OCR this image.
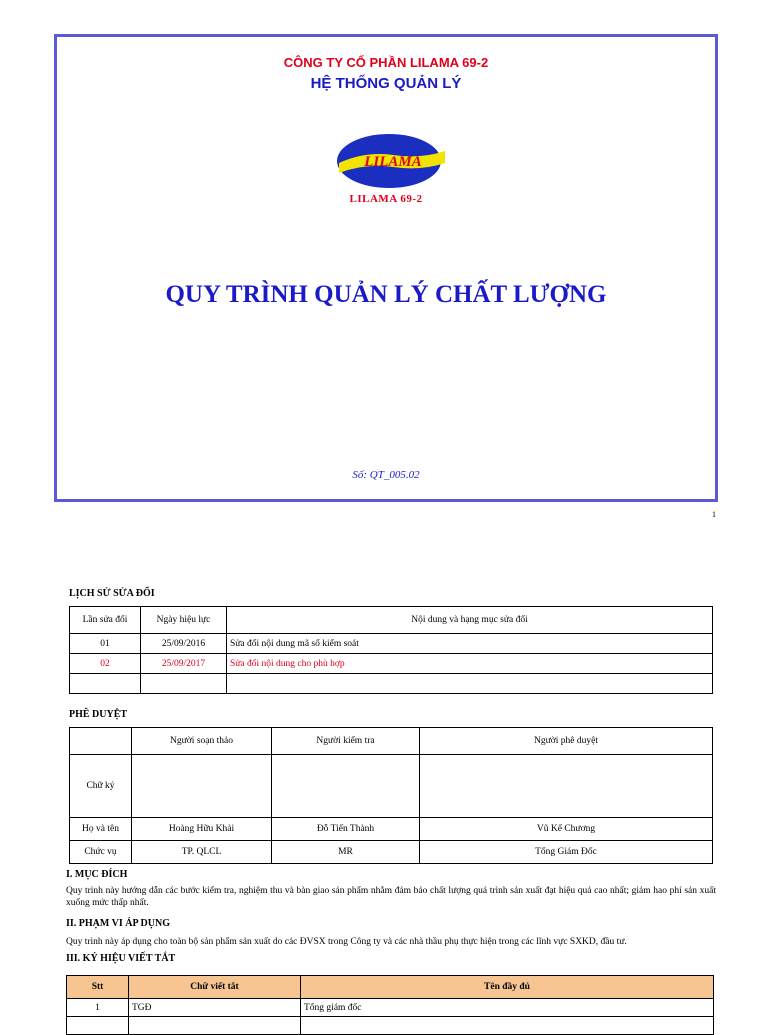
CÔNG TY CỔ PHẦN LILAMA 69-2
HỆ THỐNG QUẢN LÝ
LILAMA
LILAMA 69-2
QUY TRÌNH QUẢN LÝ CHẤT LƯỢNG
Số: QT_005.02
1
LỊCH SỬ SỬA ĐỔI
Lần sửa đổi	Ngày hiệu lực	Nội dung và hạng mục sửa đổi
01	25/09/2016	Sửa đổi nội dung mã số kiểm soát
02	25/09/2017	Sửa đổi nội dung cho phù hợp

PHÊ DUYỆT
	Người soạn thảo	Người kiểm tra	Người phê duyệt
Chữ ký			
Họ và tên	Hoàng Hữu Khải	Đỗ Tiến Thành	Vũ Kế Chương
Chức vụ	TP. QLCL	MR	Tổng Giám Đốc
I. MỤC ĐÍCH
Quy trình này hướng dẫn các bước kiểm tra, nghiệm thu và bàn giao sản phẩm nhằm đảm bảo chất lượng quá trình sản xuất đạt hiệu quả cao nhất; giảm hao phí sản xuất xuống mức thấp nhất.
II. PHẠM VI ÁP DỤNG
Quy trình này áp dụng cho toàn bộ sản phẩm sản xuất do các ĐVSX trong Công ty và các nhà thầu phụ thực hiện trong các lĩnh vực SXKD, đầu tư.
III. KÝ HIỆU VIẾT TẮT
Stt	Chữ viết tắt	Tên đầy đủ
1	TGĐ	Tổng giám đốc
